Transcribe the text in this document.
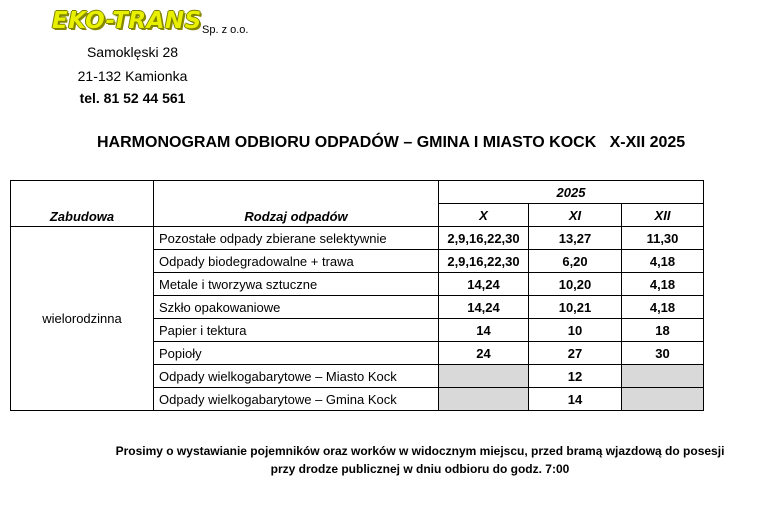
EKO-TRANS Sp. z o.o.
Samoklęski 28
21-132 Kamionka
tel. 81 52 44 561
HARMONOGRAM ODBIORU ODPADÓW – GMINA I MIASTO KOCK   X-XII 2025
Zabudowa	Rodzaj odpadów	2025		
		X	XI	XII
wielorodzinna	Pozostałe odpady zbierane selektywnie	2,9,16,22,30	13,27	11,30
	Odpady biodegradowalne + trawa	2,9,16,22,30	6,20	4,18
	Metale i tworzywa sztuczne	14,24	10,20	4,18
	Szkło opakowaniowe	14,24	10,21	4,18
	Papier i tektura	14	10	18
	Popioły	24	27	30
	Odpady wielkogabarytowe – Miasto Kock		12	
	Odpady wielkogabarytowe – Gmina Kock		14	
Prosimy o wystawianie pojemników oraz worków w widocznym miejscu, przed bramą wjazdową do posesji
przy drodze publicznej w dniu odbioru do godz. 7:00
